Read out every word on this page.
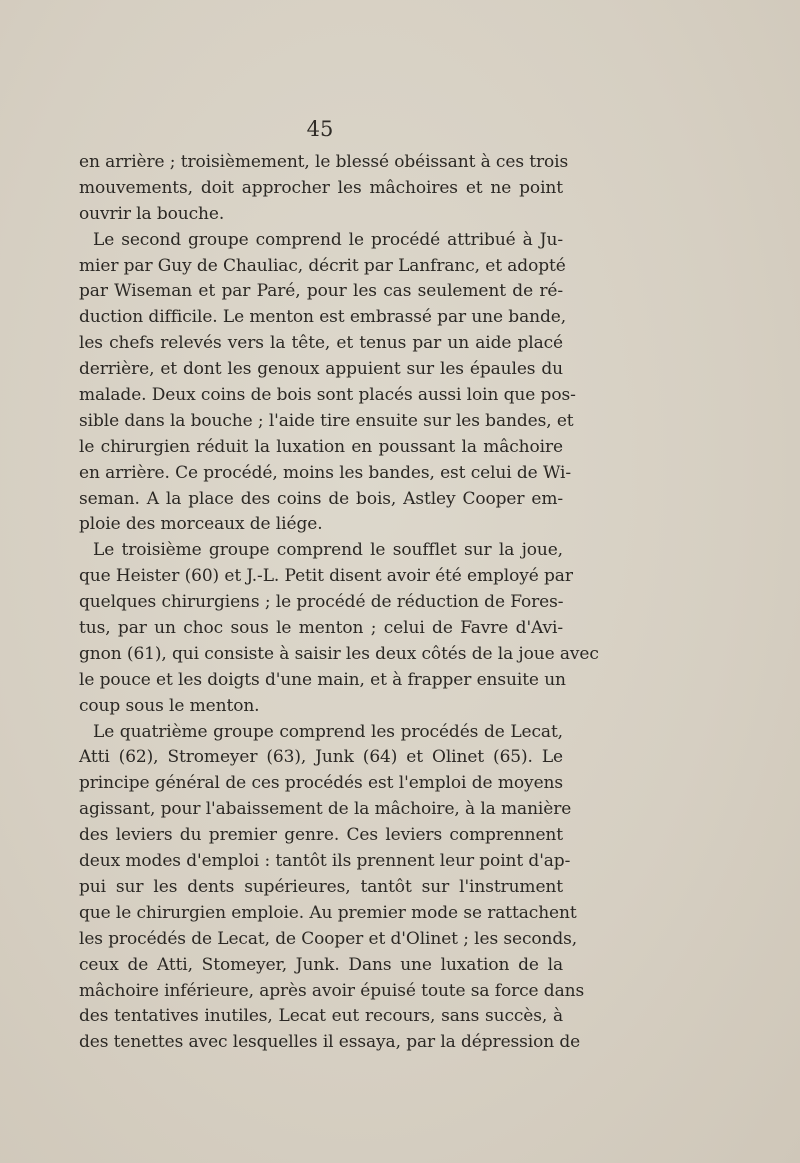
45

en arrière ; troisièmement, le blessé obéissant à ces trois
mouvements, doit approcher les mâchoires et ne point
ouvrir la bouche.

Le second groupe comprend le procédé attribué à Ju-
mier par Guy de Chauliac, décrit par Lanfranc, et adopté
par Wiseman et par Paré, pour les cas seulement de ré-
duction difficile. Le menton est embrassé par une bande,
les chefs relevés vers la tête, et tenus par un aide placé
derrière, et dont les genoux appuient sur les épaules du
malade. Deux coins de bois sont placés aussi loin que pos-
sible dans la bouche ; l'aide tire ensuite sur les bandes, et
le chirurgien réduit la luxation en poussant la mâchoire
en arrière. Ce procédé, moins les bandes, est celui de Wi-
seman. A la place des coins de bois, Astley Cooper em-
ploie des morceaux de liége.

Le troisième groupe comprend le soufflet sur la joue,
que Heister (60) et J.-L. Petit disent avoir été employé par
quelques chirurgiens ; le procédé de réduction de Fores-
tus, par un choc sous le menton ; celui de Favre d'Avi-
gnon (61), qui consiste à saisir les deux côtés de la joue avec
le pouce et les doigts d'une main, et à frapper ensuite un
coup sous le menton.

Le quatrième groupe comprend les procédés de Lecat,
Atti (62), Stromeyer (63), Junk (64) et Olinet (65). Le
principe général de ces procédés est l'emploi de moyens
agissant, pour l'abaissement de la mâchoire, à la manière
des leviers du premier genre. Ces leviers comprennent
deux modes d'emploi : tantôt ils prennent leur point d'ap-
pui sur les dents supérieures, tantôt sur l'instrument
que le chirurgien emploie. Au premier mode se rattachent
les procédés de Lecat, de Cooper et d'Olinet ; les seconds,
ceux de Atti, Stomeyer, Junk. Dans une luxation de la
mâchoire inférieure, après avoir épuisé toute sa force dans
des tentatives inutiles, Lecat eut recours, sans succès, à
des tenettes avec lesquelles il essaya, par la dépression de
